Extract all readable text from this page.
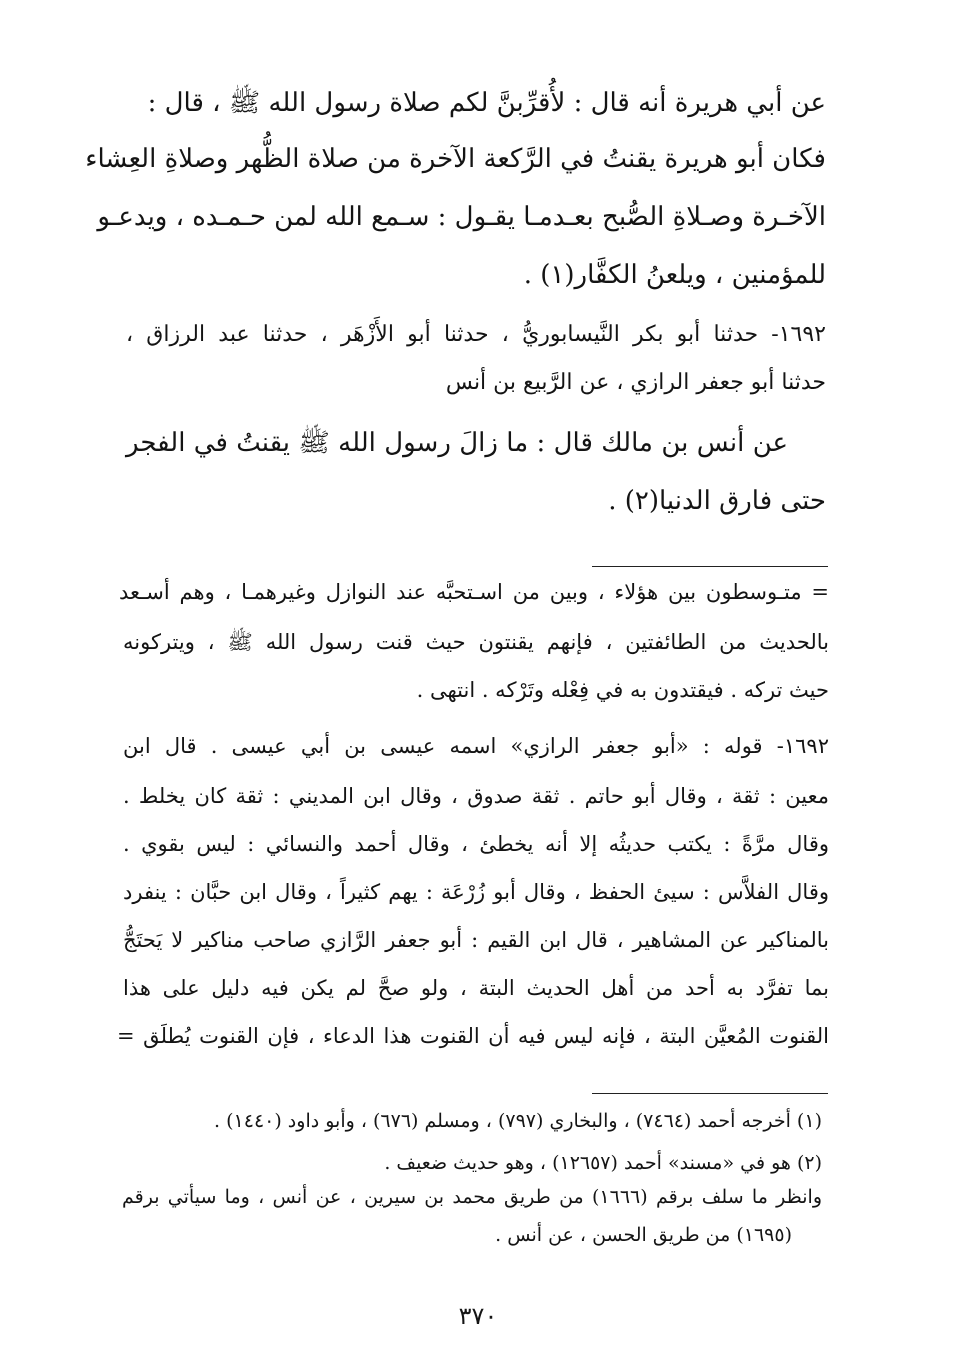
عن أبي هريرة أنه قال : لأُقرِّبنَّ لكم صلاة رسول الله ﷺ ، قال :
فكان أبو هريرة يقنتُ في الرَّكعة الآخرة من صلاة الظُّهر وصلاةِ العِشاء
الآخـرة وصـلاةِ الصُّبح بعـدمـا يقـول : سـمع الله لمن حـمـده ، ويدعـو
للمؤمنين ، ويلعنُ الكفَّار(١) .
١٦٩٢- حدثنا أبو بكر النَّيسابوريُّ ، حدثنا أبو الأَزْهَر ، حدثنا عبد الرزاق ،
حدثنا أبو جعفر الرازي ، عن الرَّبيع بن أنس
عن أنس بن مالك قال : ما زالَ رسول الله ﷺ يقنتُ في الفجر
حتى فارق الدنيا(٢) .
= متـوسطون بين هؤلاء ، وبين من اسـتحبَّه عند النوازل وغيرهمـا ، وهم أسـعد
بالحديث من الطائفتين ، فإنهم يقنتون حيث قنت رسول الله ﷺ ، ويتركونه
حيث تركه . فيقتدون به في فِعْله وتَرْكه . انتهى .
١٦٩٢- قوله : «أبو جعفر الرازي» اسمه عيسى بن أبي عيسى . قال ابن
معين : ثقة ، وقال أبو حاتم . ثقة صدوق ، وقال ابن المديني : ثقة كان يخلط .
وقال مرَّةً : يكتب حديثُه إلا أنه يخطئ ، وقال أحمد والنسائي : ليس بقوي .
وقال الفلاَّس : سيئ الحفظ ، وقال أبو زُرْعَة : يهم كثيراً ، وقال ابن حبَّان : ينفرد
بالمناكير عن المشاهير ، قال ابن القيم : أبو جعفر الرَّازي صاحب مناكير لا يَحتَجُّ
بما تفرَّد به أحد من أهل الحديث البتة ، ولو صحَّ لم يكن فيه دليل على هذا
القنوت المُعيَّن البتة ، فإنه ليس فيه أن القنوت هذا الدعاء ، فإن القنوت يُطلَق =
(١) أخرجه أحمد (٧٤٦٤) ، والبخاري (٧٩٧) ، ومسلم (٦٧٦) ، وأبو داود (١٤٤٠) .
(٢) هو في «مسند» أحمد (١٢٦٥٧) ، وهو حديث ضعيف .
وانظر ما سلف برقم (١٦٦٦) من طريق محمد بن سيرين ، عن أنس ، وما سيأتي برقم
(١٦٩٥) من طريق الحسن ، عن أنس .
٣٧٠
